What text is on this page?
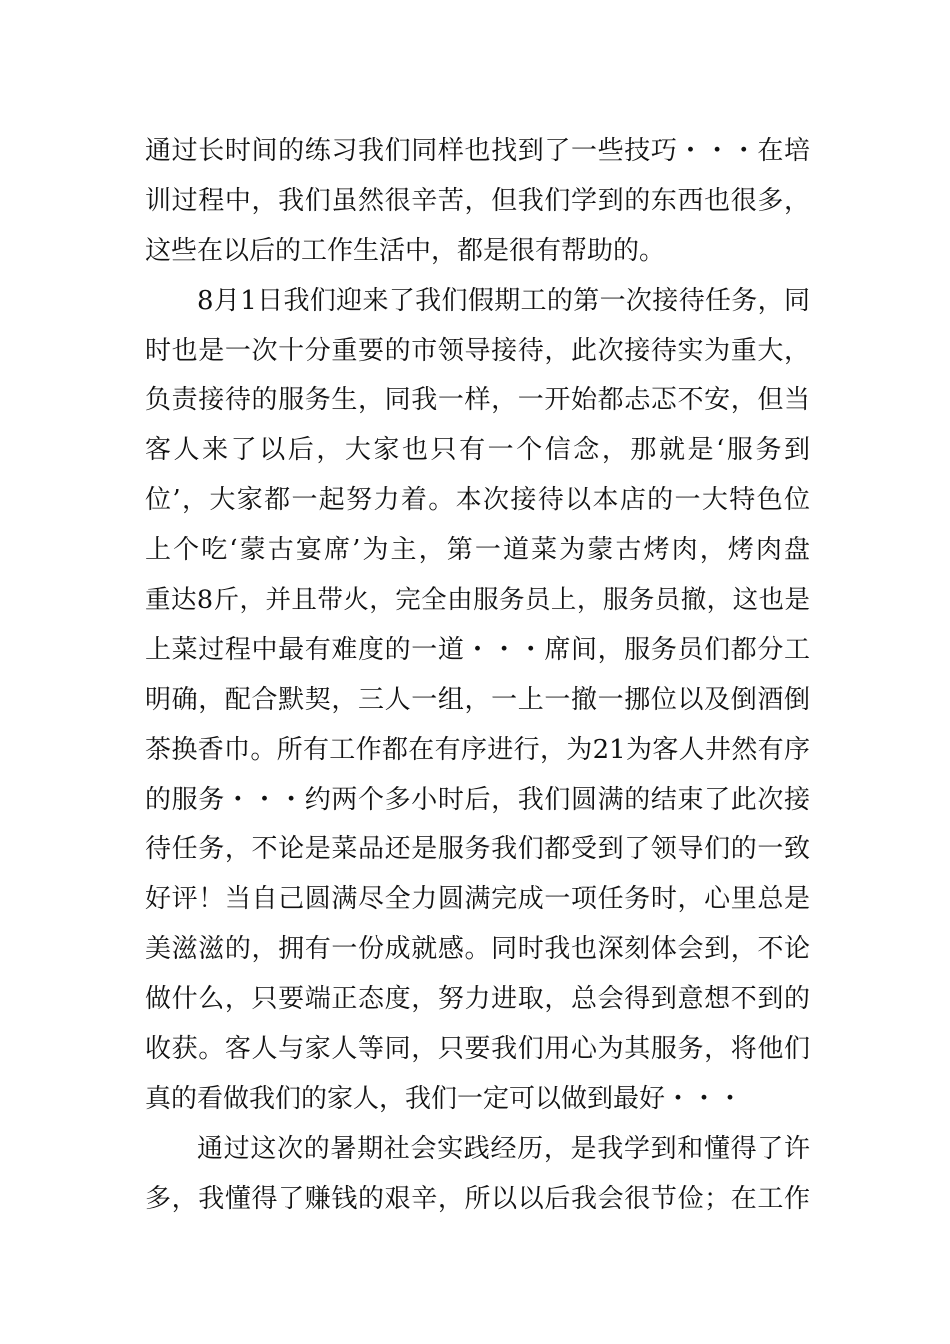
通过长时间的练习我们同样也找到了一些技巧・・・在培
训过程中，我们虽然很辛苦，但我们学到的东西也很多，
这些在以后的工作生活中，都是很有帮助的。
8月1日我们迎来了我们假期工的第一次接待任务，同
时也是一次十分重要的市领导接待，此次接待实为重大，
负责接待的服务生，同我一样，一开始都忐忑不安，但当
客人来了以后，大家也只有一个信念，那就是‘服务到
位’，大家都一起努力着。本次接待以本店的一大特色位
上个吃‘蒙古宴席’为主，第一道菜为蒙古烤肉，烤肉盘
重达8斤，并且带火，完全由服务员上，服务员撤，这也是
上菜过程中最有难度的一道・・・席间，服务员们都分工
明确，配合默契，三人一组，一上一撤一挪位以及倒酒倒
茶换香巾。所有工作都在有序进行，为21为客人井然有序
的服务・・・约两个多小时后，我们圆满的结束了此次接
待任务，不论是菜品还是服务我们都受到了领导们的一致
好评！当自己圆满尽全力圆满完成一项任务时，心里总是
美滋滋的，拥有一份成就感。同时我也深刻体会到，不论
做什么，只要端正态度，努力进取，总会得到意想不到的
收获。客人与家人等同，只要我们用心为其服务，将他们
真的看做我们的家人，我们一定可以做到最好・・・
通过这次的暑期社会实践经历，是我学到和懂得了许
多，我懂得了赚钱的艰辛，所以以后我会很节俭；在工作
